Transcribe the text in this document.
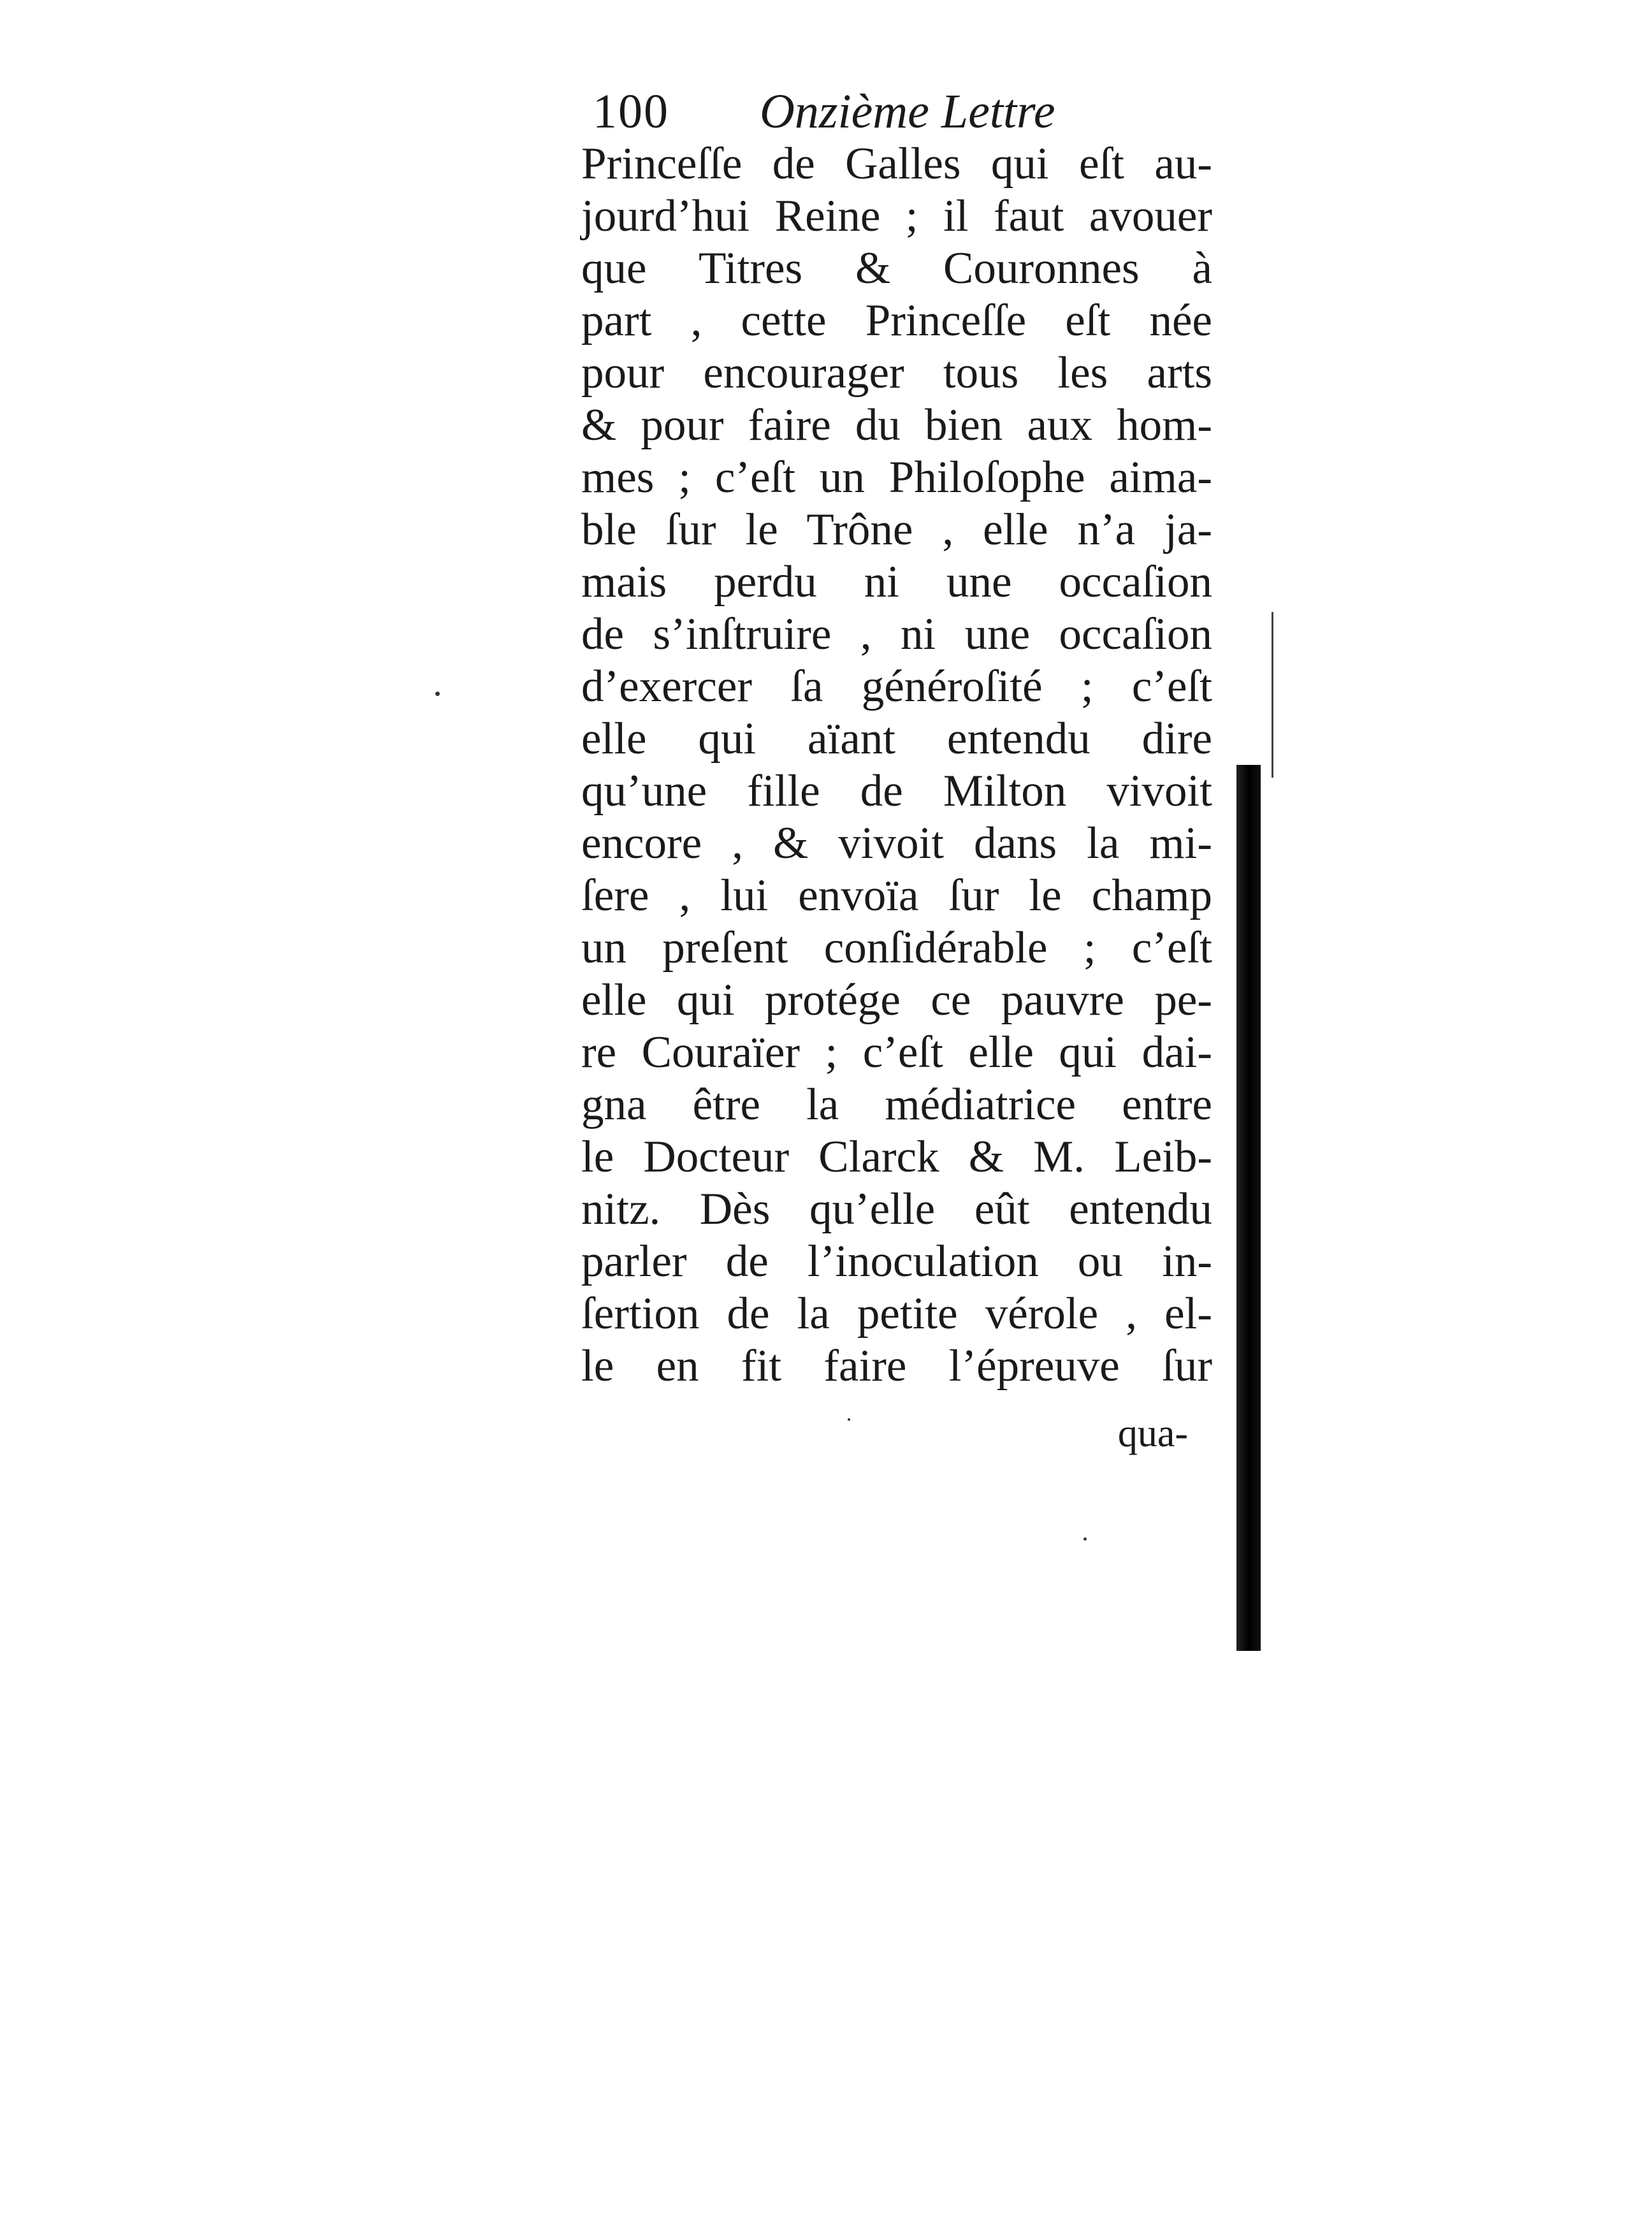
100 Onzième Lettre
Princeſſe de Galles qui eſt au-
jourd’hui Reine ; il faut avouer
que Titres & Couronnes à
part , cette Princeſſe eſt née
pour encourager tous les arts
& pour faire du bien aux hom-
mes ; c’eſt un Philoſophe aima-
ble ſur le Trône , elle n’a ja-
mais perdu ni une occaſion
de s’inſtruire , ni une occaſion
d’exercer ſa généroſité ; c’eſt
elle qui aïant entendu dire
qu’une fille de Milton vivoit
encore , & vivoit dans la mi-
ſere , lui envoïa ſur le champ
un preſent conſidérable ; c’eſt
elle qui protége ce pauvre pe-
re Couraïer ; c’eſt elle qui dai-
gna être la médiatrice entre
le Docteur Clarck & M. Leib-
nitz. Dès qu’elle eût entendu
parler de l’inoculation ou in-
ſertion de la petite vérole , el-
le en fit faire l’épreuve ſur
qua-
